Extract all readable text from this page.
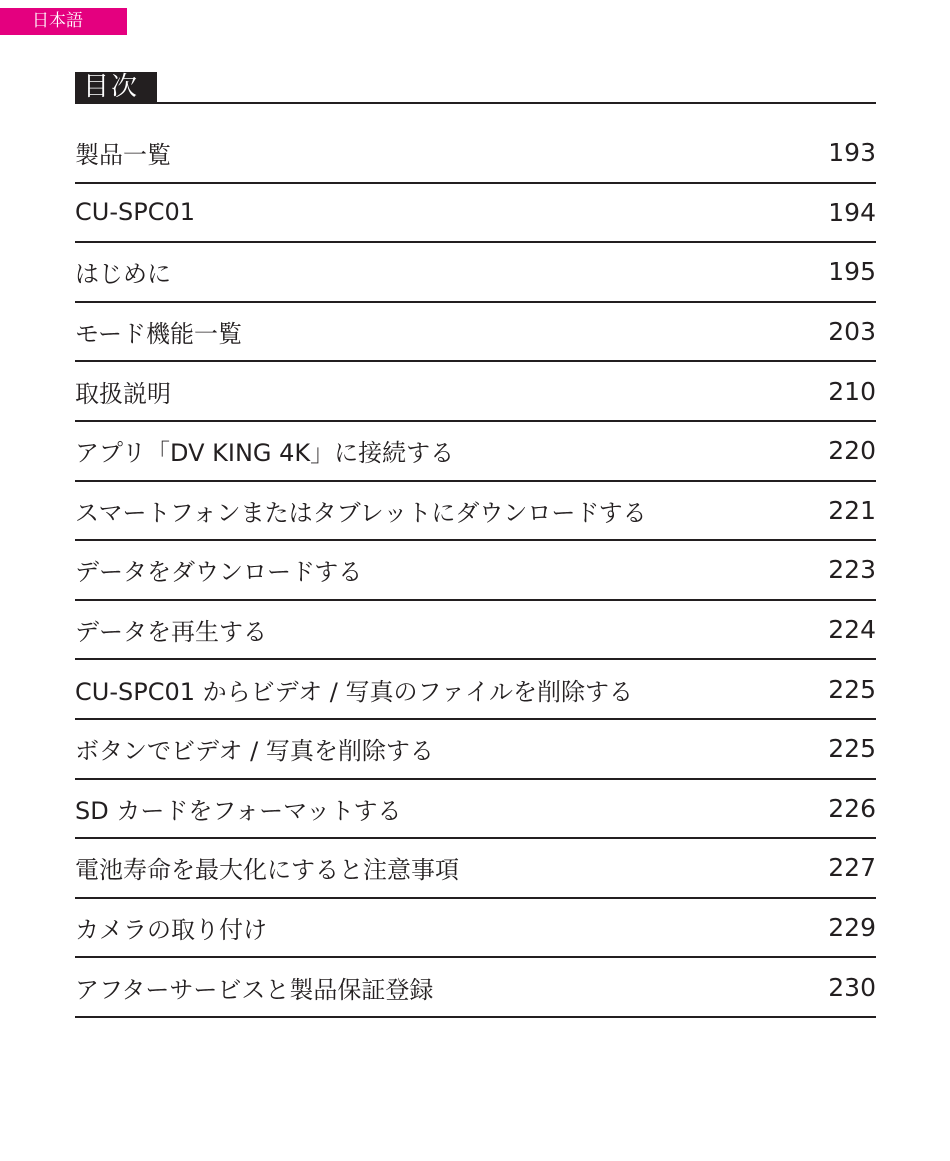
日本語
目次
製品一覧	193
CU-SPC01	194
はじめに	195
モード機能一覧	203
取扱説明	210
アプリ「DV KING 4K」に接続する	220
スマートフォンまたはタブレットにダウンロードする	221
データをダウンロードする	223
データを再生する	224
CU-SPC01 からビデオ / 写真のファイルを削除する	225
ボタンでビデオ / 写真を削除する	225
SD カードをフォーマットする	226
電池寿命を最大化にすると注意事項	227
カメラの取り付け	229
アフターサービスと製品保証登録	230
